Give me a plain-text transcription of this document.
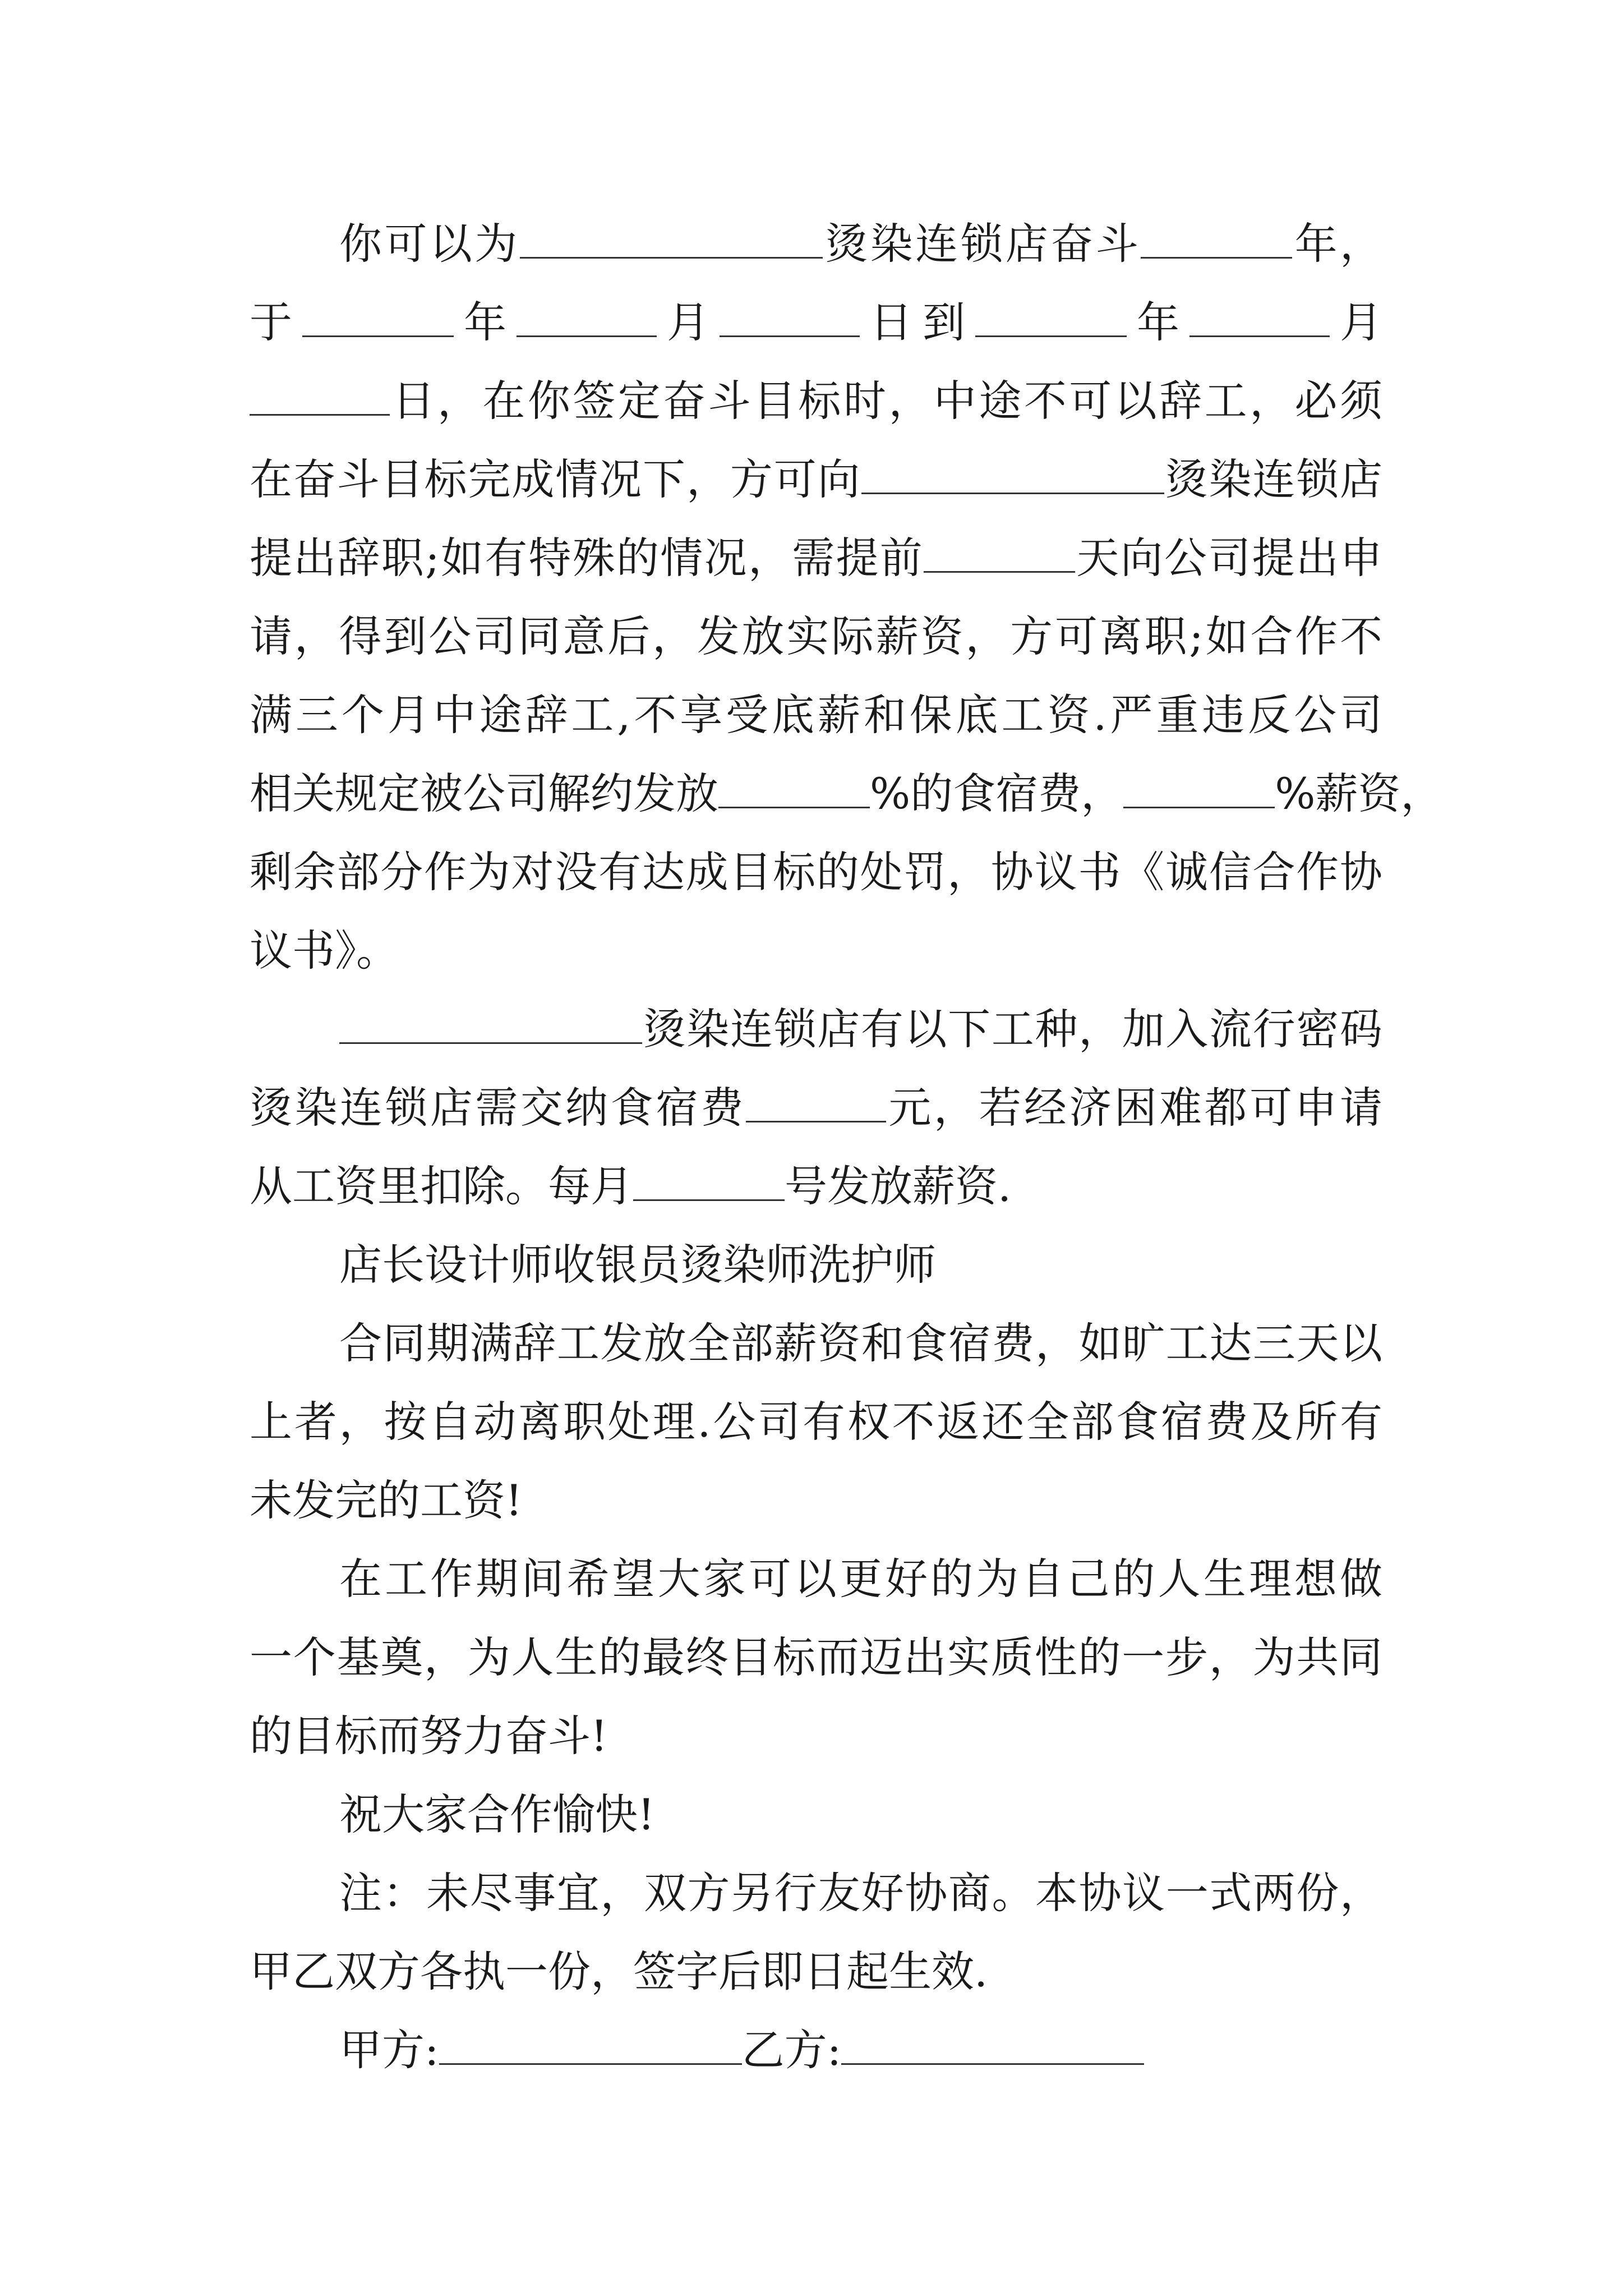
你可以为	烫染连锁店奋斗	年，
于	年	月	日到	年	月
日，在你签定奋斗目标时，中途不可以辞工，必须
在奋斗目标完成情况下，方可向	烫染连锁店
提出辞职;如有特殊的情况，需提前	天向公司提出申
请，得到公司同意后，发放实际薪资，方可离职;如合作不
满三个月中途辞工,不享受底薪和保底工资.严重违反公司
相关规定被公司解约发放	%的食宿费，	%薪资，
剩余部分作为对没有达成目标的处罚，协议书《诚信合作协
议书》。
烫染连锁店有以下工种，加入流行密码
烫染连锁店需交纳食宿费	元，若经济困难都可申请
从工资里扣除。每月	号发放薪资.
店长设计师收银员烫染师洗护师
合同期满辞工发放全部薪资和食宿费，如旷工达三天以
上者，按自动离职处理.公司有权不返还全部食宿费及所有
未发完的工资!
在工作期间希望大家可以更好的为自己的人生理想做
一个基奠，为人生的最终目标而迈出实质性的一步，为共同
的目标而努力奋斗!
祝大家合作愉快!
注：未尽事宜，双方另行友好协商。本协议一式两份，
甲乙双方各执一份，签字后即日起生效.
甲方:	乙方:
